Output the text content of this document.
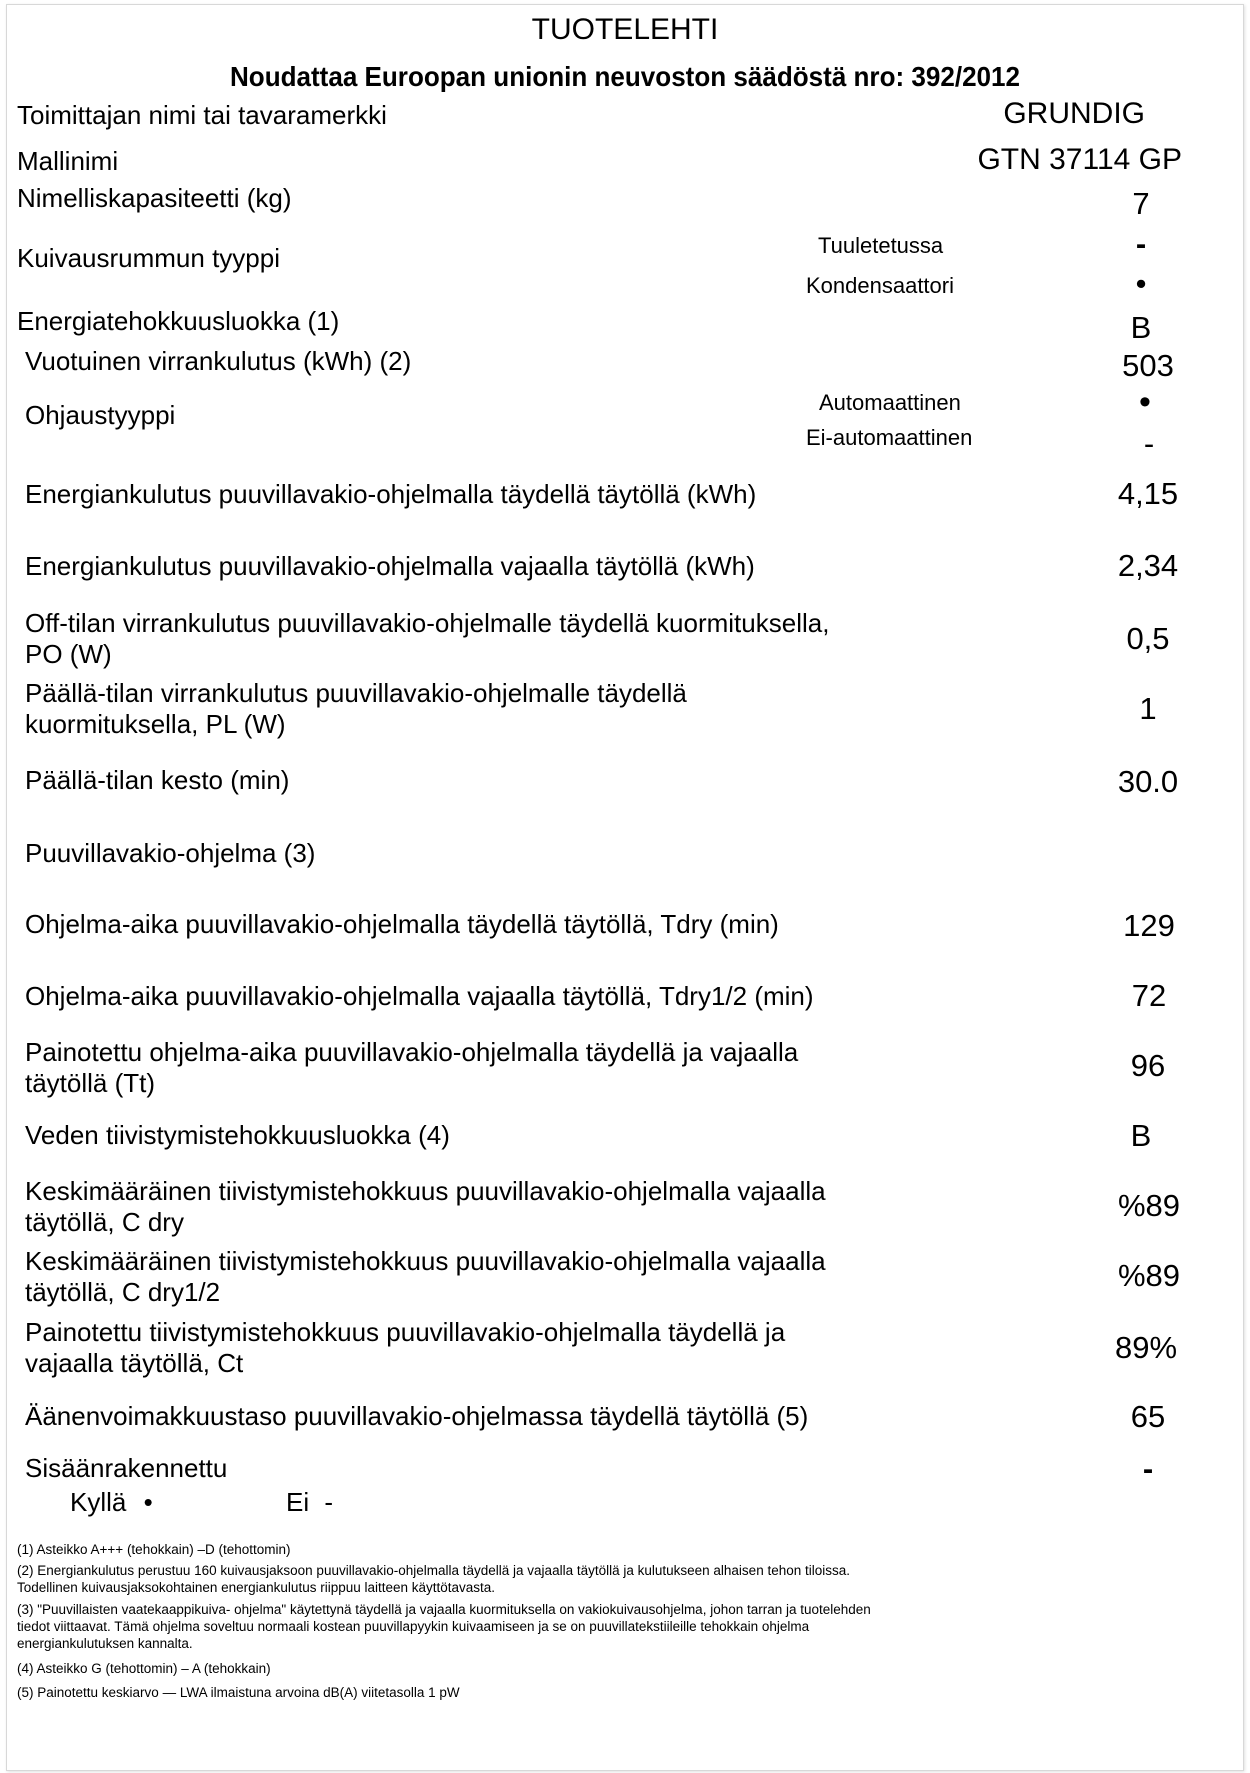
TUOTELEHTI
Noudattaa Euroopan unionin neuvoston säädöstä nro: 392/2012
Toimittajan nimi tai tavaramerkki	GRUNDIG
Mallinimi	GTN 37114 GP
Nimelliskapasiteetti (kg)	7
Kuivausrummun tyyppi	Tuuletetussa	-
Kondensaattori	•
Energiatehokkuusluokka (1)	B
Vuotuinen virrankulutus (kWh) (2)	503
Ohjaustyyppi	Automaattinen	•
Ei-automaattinen	-
Energiankulutus puuvillavakio-ohjelmalla täydellä täytöllä (kWh)	4,15
Energiankulutus puuvillavakio-ohjelmalla vajaalla täytöllä (kWh)	2,34
Off-tilan virrankulutus puuvillavakio-ohjelmalle täydellä kuormituksella,
PO (W)	0,5
Päällä-tilan virrankulutus puuvillavakio-ohjelmalle täydellä
kuormituksella, PL (W)	1
Päällä-tilan kesto (min)	30.0
Puuvillavakio-ohjelma (3)
Ohjelma-aika puuvillavakio-ohjelmalla täydellä täytöllä, Tdry (min)	129
Ohjelma-aika puuvillavakio-ohjelmalla vajaalla täytöllä, Tdry1/2 (min)	72
Painotettu ohjelma-aika puuvillavakio-ohjelmalla täydellä ja vajaalla
täytöllä (Tt)	96
Veden tiivistymistehokkuusluokka (4)	B
Keskimääräinen tiivistymistehokkuus puuvillavakio-ohjelmalla vajaalla
täytöllä, C dry	%89
Keskimääräinen tiivistymistehokkuus puuvillavakio-ohjelmalla vajaalla
täytöllä, C dry1/2	%89
Painotettu tiivistymistehokkuus puuvillavakio-ohjelmalla täydellä ja
vajaalla täytöllä, Ct	89%
Äänenvoimakkuustaso puuvillavakio-ohjelmassa täydellä täytöllä (5)	65
Sisäänrakennettu	-
Kyllä •	Ei -
(1) Asteikko A+++ (tehokkain) –D (tehottomin)
(2) Energiankulutus perustuu 160 kuivausjaksoon puuvillavakio-ohjelmalla täydellä ja vajaalla täytöllä ja kulutukseen alhaisen tehon tiloissa.
Todellinen kuivausjaksokohtainen energiankulutus riippuu laitteen käyttötavasta.
(3) "Puuvillaisten vaatekaappikuiva- ohjelma" käytettynä täydellä ja vajaalla kuormituksella on vakiokuivausohjelma, johon tarran ja tuotelehden
tiedot viittaavat. Tämä ohjelma soveltuu normaali kostean puuvillapyykin kuivaamiseen ja se on puuvillatekstiileille tehokkain ohjelma
energiankulutuksen kannalta.
(4) Asteikko G (tehottomin) – A (tehokkain)
(5) Painotettu keskiarvo — LWA ilmaistuna arvoina dB(A) viitetasolla 1 pW
